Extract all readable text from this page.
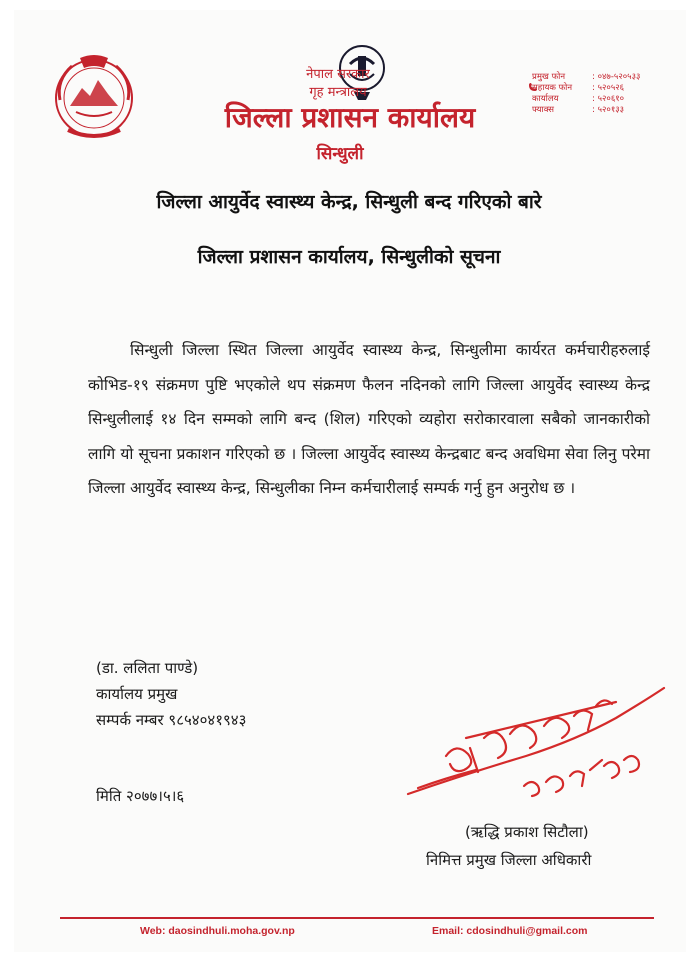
नेपाल सरकार
गृह मन्त्रालय
जिल्ला प्रशासन कार्यालय
सिन्धुली
प्रमुख फोन	: ०४७-५२०५३३
सहायक फोन	: ५२०५२६
कार्यालय	: ५२०६१०
फ्याक्स	: ५२०१३३
जिल्ला आयुर्वेद स्वास्थ्य केन्द्र, सिन्धुली बन्द गरिएको बारे
जिल्ला प्रशासन कार्यालय, सिन्धुलीको सूचना

सिन्धुली जिल्ला स्थित जिल्ला आयुर्वेद स्वास्थ्य केन्द्र, सिन्धुलीमा कार्यरत कर्मचारीहरुलाई कोभिड-१९ संक्रमण पुष्टि भएकोले थप संक्रमण फैलन नदिनको लागि जिल्ला आयुर्वेद स्वास्थ्य केन्द्र सिन्धुलीलाई १४ दिन सम्मको लागि बन्द (शिल) गरिएको व्यहोरा सरोकारवाला सबैको जानकारीको लागि यो सूचना प्रकाशन गरिएको छ । जिल्ला आयुर्वेद स्वास्थ्य केन्द्रबाट बन्द अवधिमा सेवा लिनु परेमा जिल्ला आयुर्वेद स्वास्थ्य केन्द्र, सिन्धुलीका निम्न कर्मचारीलाई सम्पर्क गर्नु हुन अनुरोध छ ।

(डा. ललिता पाण्डे)
कार्यालय प्रमुख
सम्पर्क नम्बर ९८५४०४१९४३
मिति २०७७।५।६
(ऋद्धि प्रकाश सिटौला)
निमित्त प्रमुख जिल्ला अधिकारी
Web: daosindhuli.moha.gov.np	Email: cdosindhuli@gmail.com
